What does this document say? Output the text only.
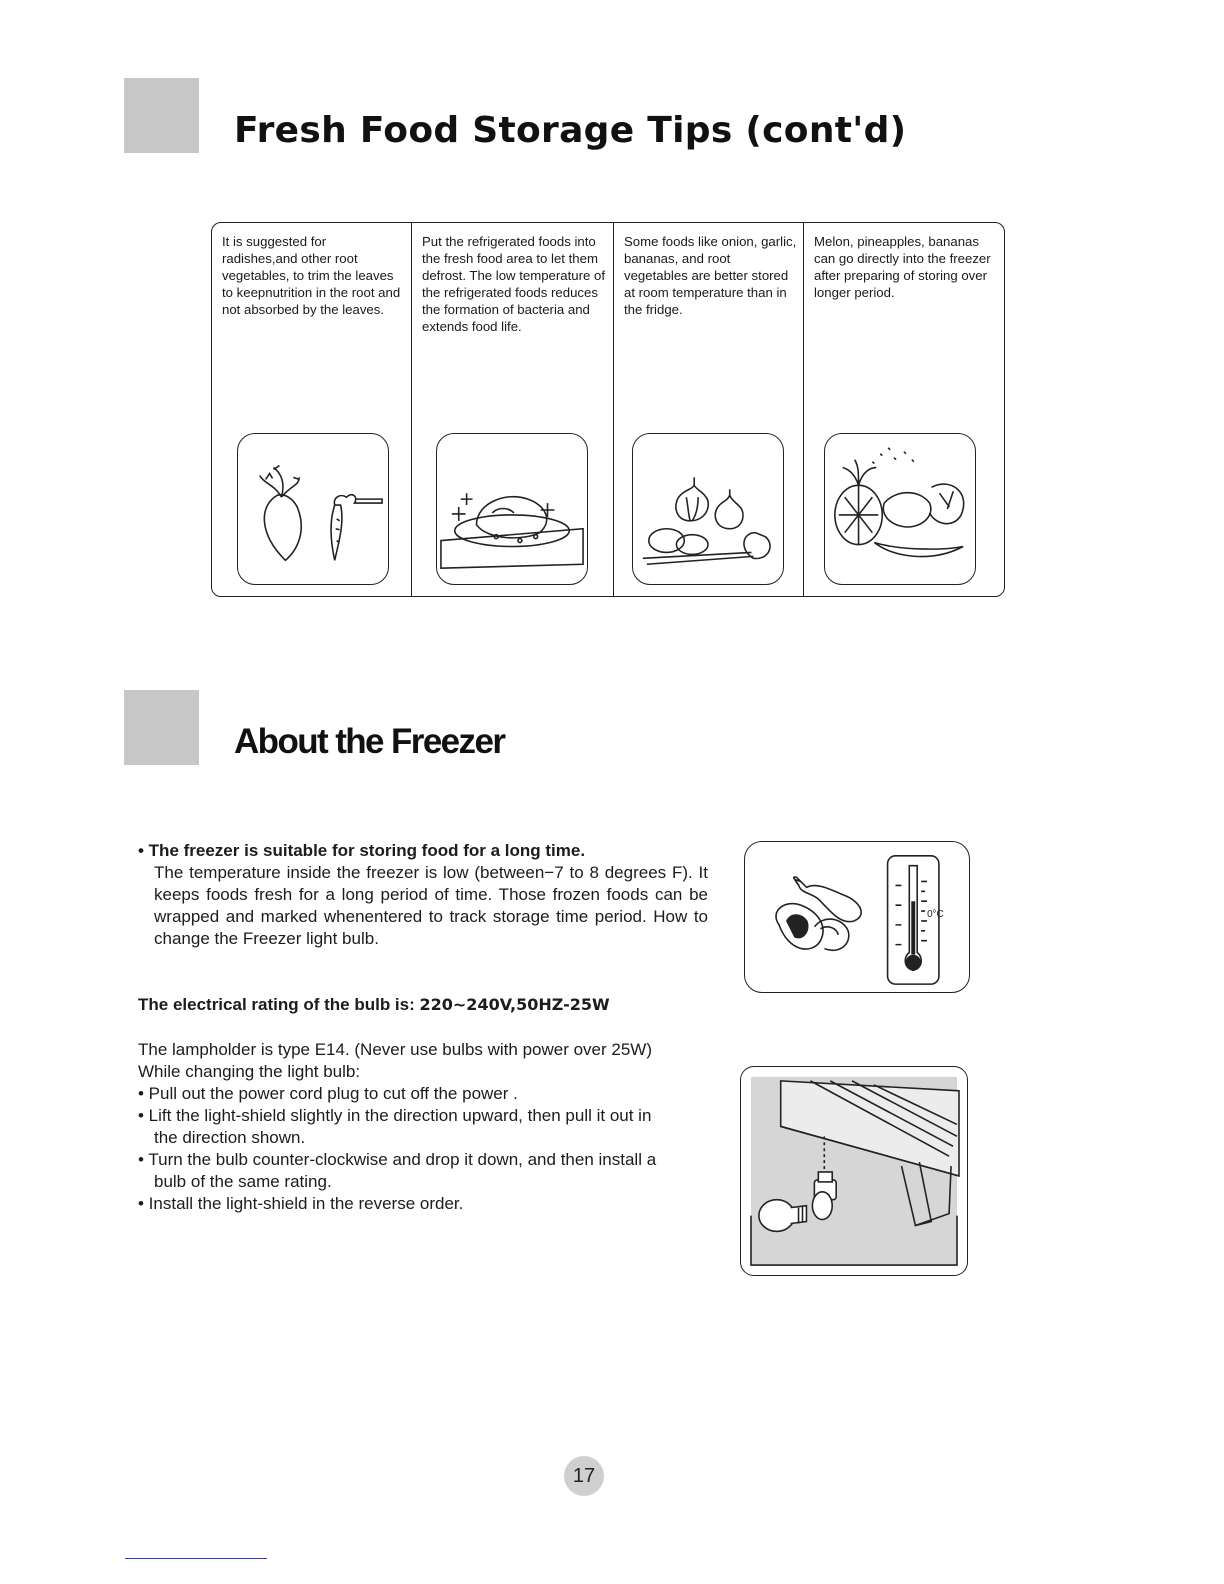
Fresh Food Storage Tips (cont'd)

It is suggested for radishes,and other root vegetables, to trim the leaves to keepnutrition in the root and not absorbed by the leaves.

Put the refrigerated foods into the fresh food area to let them defrost. The low temperature of the refrigerated foods reduces the formation of bacteria and extends food life.

Some foods like onion, garlic, bananas, and root vegetables are better stored at room temperature than in the fridge.

Melon, pineapples, bananas can go directly into the freezer after preparing of storing over longer period.

About the Freezer
• The freezer is suitable for storing food for a long time.
The temperature inside the freezer is low (between−7 to 8 degrees F). It keeps foods fresh for a long period of time. Those frozen foods can be wrapped and marked whenentered to track storage time period. How to change the Freezer light bulb.
The electrical rating of the bulb is: 220~240V,50HZ-25W
The lampholder is type E14. (Never use bulbs with power over 25W)
While changing the light bulb:
• Pull out the power cord plug to cut off the power .
• Lift the light-shield slightly in the direction upward, then pull it out in
the direction shown.
• Turn the bulb counter-clockwise and drop it down, and then install a
bulb of the same rating.
• Install the light-shield in the reverse order.
0°C
17
